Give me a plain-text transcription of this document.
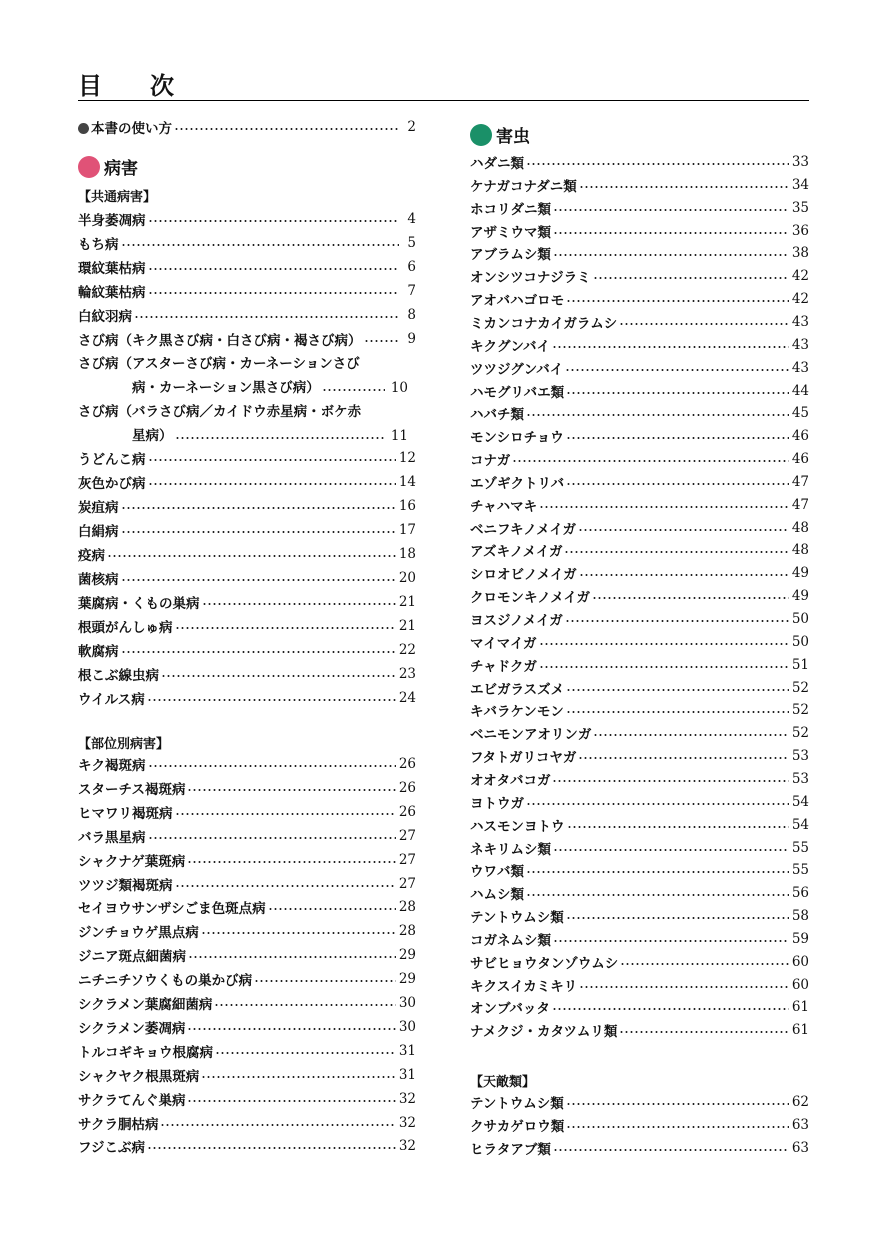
目　次
本書の使い方	2
病害
【共通病害】
半身萎凋病	4
もち病	5
環紋葉枯病	6
輪紋葉枯病	7
白紋羽病	8
さび病（キク黒さび病・白さび病・褐さび病）	9
さび病（アスターさび病・カーネーションさび
病・カーネーション黒さび病）	10
さび病（バラさび病／カイドウ赤星病・ボケ赤
星病）	11
うどんこ病	12
灰色かび病	14
炭疽病	16
白絹病	17
疫病	18
菌核病	20
葉腐病・くもの巣病	21
根頭がんしゅ病	21
軟腐病	22
根こぶ線虫病	23
ウイルス病	24
【部位別病害】
キク褐斑病	26
スターチス褐斑病	26
ヒマワリ褐斑病	26
バラ黒星病	27
シャクナゲ葉斑病	27
ツツジ類褐斑病	27
セイヨウサンザシごま色斑点病	28
ジンチョウゲ黒点病	28
ジニア斑点細菌病	29
ニチニチソウくもの巣かび病	29
シクラメン葉腐細菌病	30
シクラメン萎凋病	30
トルコギキョウ根腐病	31
シャクヤク根黒斑病	31
サクラてんぐ巣病	32
サクラ胴枯病	32
フジこぶ病	32
害虫
ハダニ類	33
ケナガコナダニ類	34
ホコリダニ類	35
アザミウマ類	36
アブラムシ類	38
オンシツコナジラミ	42
アオバハゴロモ	42
ミカンコナカイガラムシ	43
キクグンバイ	43
ツツジグンバイ	43
ハモグリバエ類	44
ハバチ類	45
モンシロチョウ	46
コナガ	46
エゾギクトリバ	47
チャハマキ	47
ベニフキノメイガ	48
アズキノメイガ	48
シロオビノメイガ	49
クロモンキノメイガ	49
ヨスジノメイガ	50
マイマイガ	50
チャドクガ	51
エビガラスズメ	52
キバラケンモン	52
ベニモンアオリンガ	52
フタトガリコヤガ	53
オオタバコガ	53
ヨトウガ	54
ハスモンヨトウ	54
ネキリムシ類	55
ウワバ類	55
ハムシ類	56
テントウムシ類	58
コガネムシ類	59
サビヒョウタンゾウムシ	60
キクスイカミキリ	60
オンブバッタ	61
ナメクジ・カタツムリ類	61
【天敵類】
テントウムシ類	62
クサカゲロウ類	63
ヒラタアブ類	63
